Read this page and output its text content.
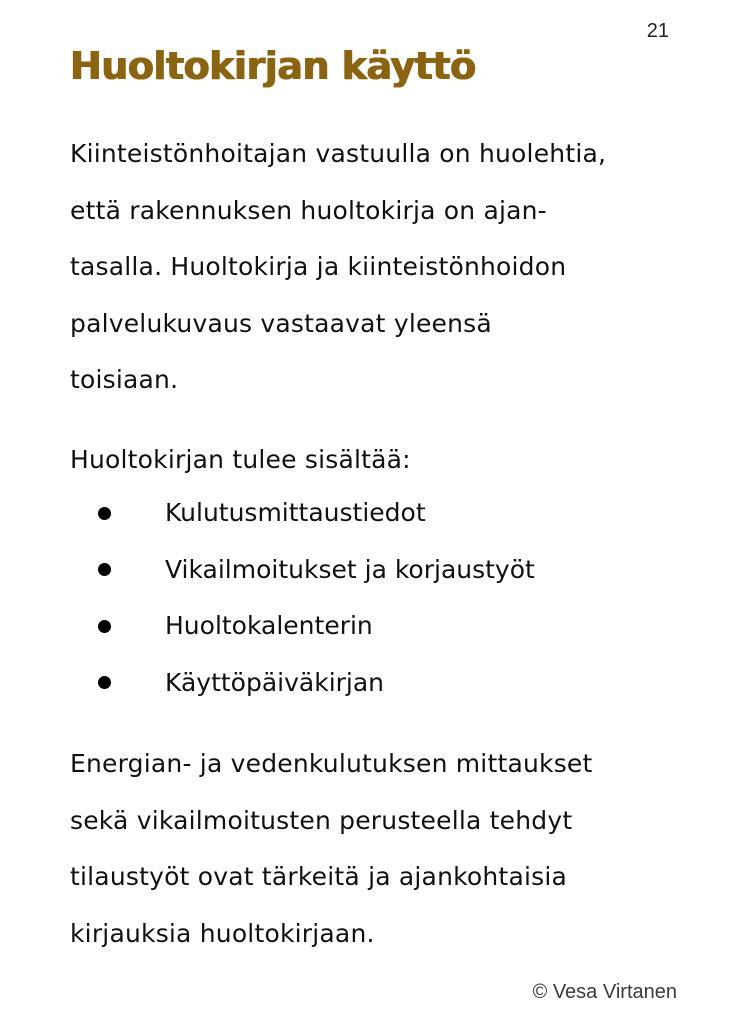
21
Huoltokirjan käyttö
Kiinteistönhoitajan vastuulla on huolehtia,
että rakennuksen huoltokirja on ajan-
tasalla. Huoltokirja ja kiinteistönhoidon
palvelukuvaus vastaavat yleensä
toisiaan.
Huoltokirjan tulee sisältää:
Kulutusmittaustiedot
Vikailmoitukset ja korjaustyöt
Huoltokalenterin
Käyttöpäiväkirjan
Energian- ja vedenkulutuksen mittaukset
sekä vikailmoitusten perusteella tehdyt
tilaustyöt ovat tärkeitä ja ajankohtaisia
kirjauksia huoltokirjaan.
© Vesa Virtanen
